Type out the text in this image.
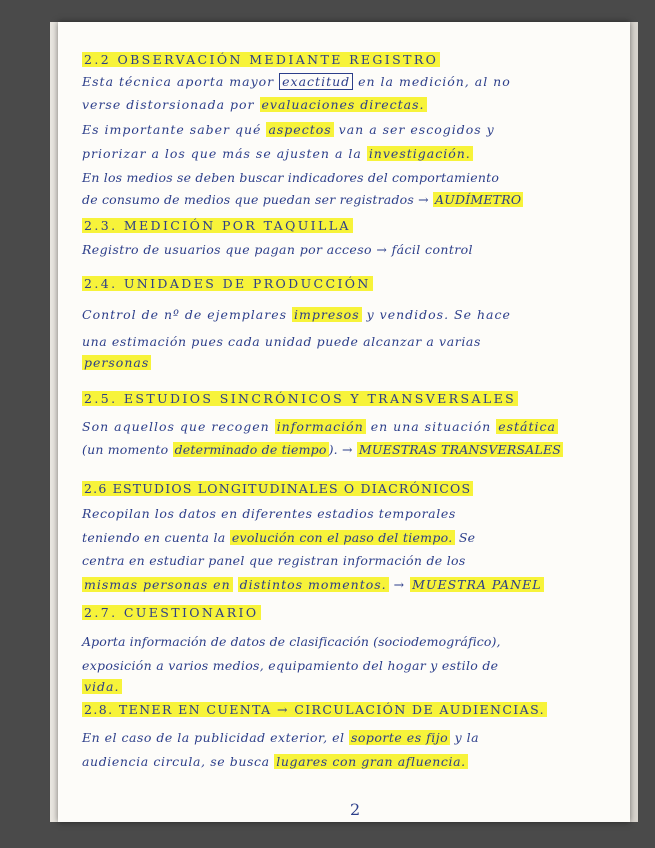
2.2 OBSERVACIÓN MEDIANTE REGISTRO
Esta técnica aporta mayor exactitud en la medición, al no
verse distorsionada por evaluaciones directas.
Es importante saber qué aspectos van a ser escogidos y
priorizar a los que más se ajusten a la investigación.
En los medios se deben buscar indicadores del comportamiento
de consumo de medios que puedan ser registrados → AUDÍMETRO
2.3. MEDICIÓN POR TAQUILLA
Registro de usuarios que pagan por acceso → fácil control
2.4. UNIDADES DE PRODUCCIÓN
Control de nº de ejemplares impresos y vendidos. Se hace
una estimación pues cada unidad puede alcanzar a varias
personas
2.5. ESTUDIOS SINCRÓNICOS Y TRANSVERSALES
Son aquellos que recogen información en una situación estática
(un momento determinado de tiempo ). → MUESTRAS TRANSVERSALES
2.6 ESTUDIOS LONGITUDINALES O DIACRÓNICOS
Recopilan los datos en diferentes estadios temporales
teniendo en cuenta la evolución con el paso del tiempo. Se
centra en estudiar panel que registran información de los
mismas personas en distintos momentos. → MUESTRA PANEL
2.7. CUESTIONARIO
Aporta información de datos de clasificación (sociodemográfico),
exposición a varios medios, equipamiento del hogar y estilo de
vida.
2.8. TENER EN CUENTA → CIRCULACIÓN DE AUDIENCIAS.
En el caso de la publicidad exterior, el soporte es fijo y la
audiencia circula, se busca lugares con gran afluencia.
2
